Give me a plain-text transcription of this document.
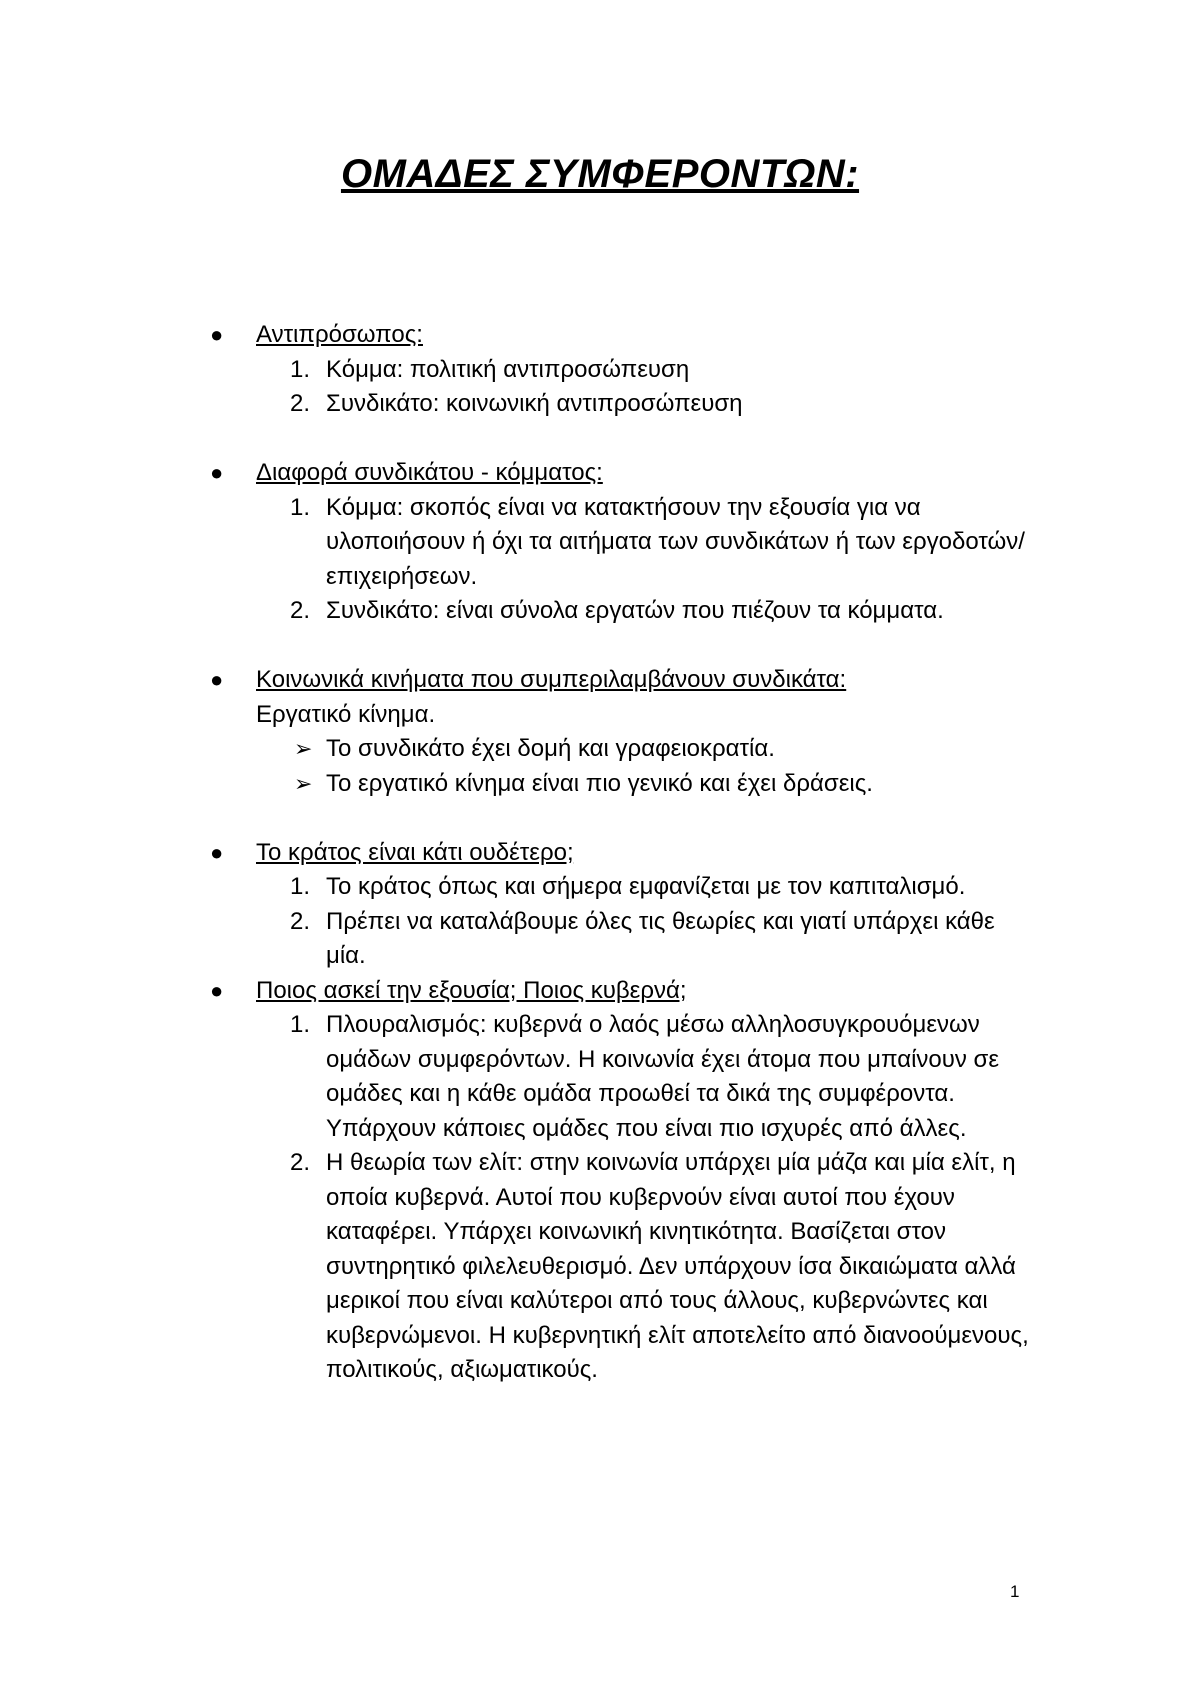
ΟΜΑΔΕΣ ΣΥΜΦΕΡΟΝΤΩΝ:
●	Αντιπρόσωπος:
1. Κόμμα: πολιτική αντιπροσώπευση
2. Συνδικάτο: κοινωνική αντιπροσώπευση
●	Διαφορά συνδικάτου - κόμματος:
1. Κόμμα: σκοπός είναι να κατακτήσουν την εξουσία για να υλοποιήσουν ή όχι τα αιτήματα των συνδικάτων ή των εργοδοτών/ επιχειρήσεων.
2. Συνδικάτο: είναι σύνολα εργατών που πιέζουν τα κόμματα.
●	Κοινωνικά κινήματα που συμπεριλαμβάνουν συνδικάτα:
Εργατικό κίνημα.
➢ Το συνδικάτο έχει δομή και γραφειοκρατία.
➢ Το εργατικό κίνημα είναι πιο γενικό και έχει δράσεις.
●	Το κράτος είναι κάτι ουδέτερο;
1. Το κράτος όπως και σήμερα εμφανίζεται με τον καπιταλισμό.
2. Πρέπει να καταλάβουμε όλες τις θεωρίες και γιατί υπάρχει κάθε μία.
●	Ποιος ασκεί την εξουσία; Ποιος κυβερνά;
1. Πλουραλισμός: κυβερνά ο λαός μέσω αλληλοσυγκρουόμενων ομάδων συμφερόντων. Η κοινωνία έχει άτομα που μπαίνουν σε ομάδες και η κάθε ομάδα προωθεί τα δικά της συμφέροντα. Υπάρχουν κάποιες ομάδες που είναι πιο ισχυρές από άλλες.
2. Η θεωρία των ελίτ: στην κοινωνία υπάρχει μία μάζα και μία ελίτ, η οποία κυβερνά. Αυτοί που κυβερνούν είναι αυτοί που έχουν καταφέρει. Υπάρχει κοινωνική κινητικότητα. Βασίζεται στον συντηρητικό φιλελευθερισμό. Δεν υπάρχουν ίσα δικαιώματα αλλά μερικοί που είναι καλύτεροι από τους άλλους, κυβερνώντες και κυβερνώμενοι. Η κυβερνητική ελίτ αποτελείτο από διανοούμενους, πολιτικούς, αξιωματικούς.
1
